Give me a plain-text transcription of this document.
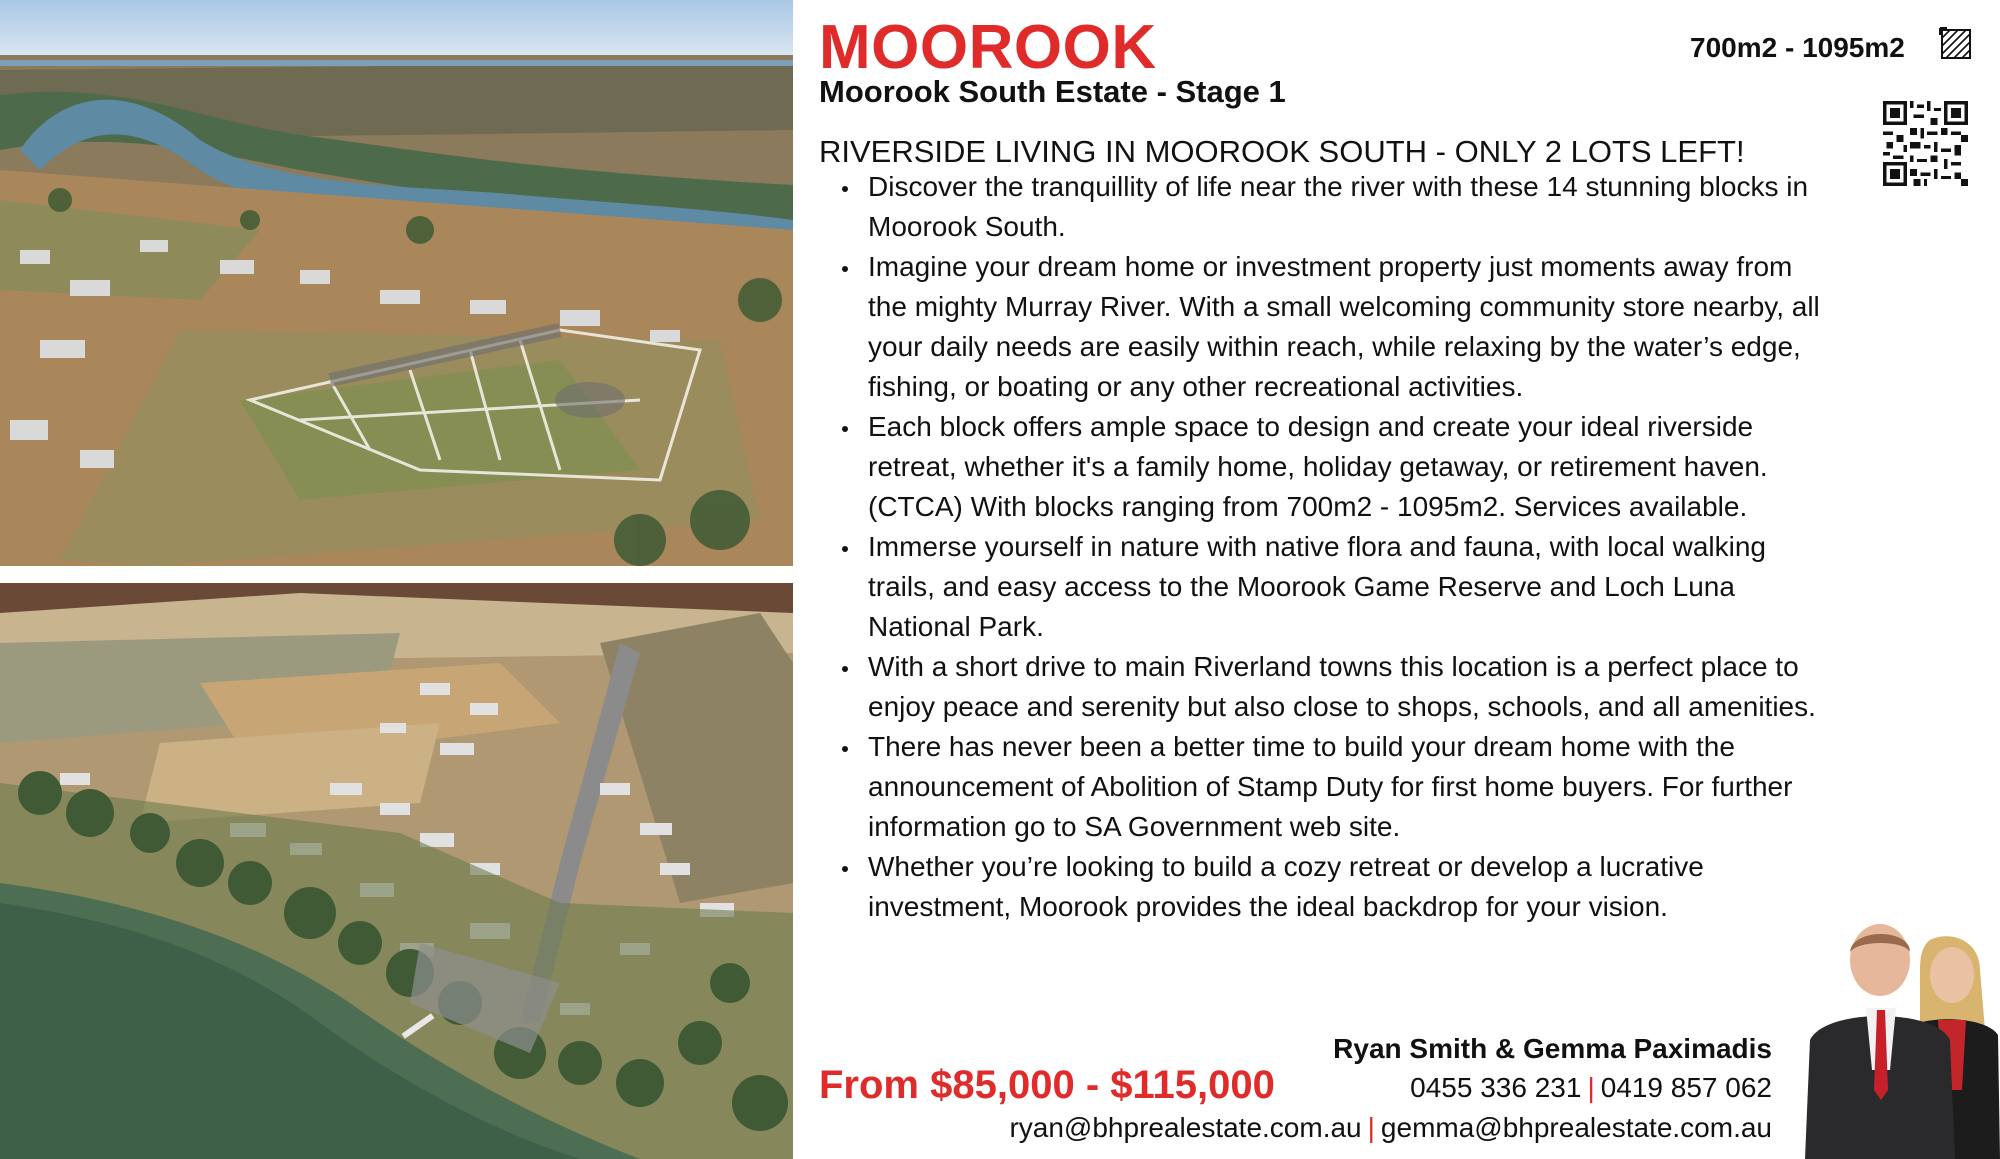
MOOROOK
Moorook South Estate - Stage 1
700m2 - 1095m2
RIVERSIDE LIVING IN MOOROOK SOUTH - ONLY 2 LOTS LEFT!
Discover the tranquillity of life near the river with these 14 stunning blocks in Moorook South.
Imagine your dream home or investment property just moments away from the mighty Murray River. With a small welcoming community store nearby, all your daily needs are easily within reach, while relaxing by the water’s edge, fishing, or boating or any other recreational activities.
Each block offers ample space to design and create your ideal riverside retreat, whether it's a family home, holiday getaway, or retirement haven. (CTCA) With blocks ranging from 700m2 - 1095m2. Services available.
Immerse yourself in nature with native flora and fauna, with local walking trails, and easy access to the Moorook Game Reserve and Loch Luna National Park.
With a short drive to main Riverland towns this location is a perfect place to enjoy peace and serenity but also close to shops, schools, and all amenities.
There has never been a better time to build your dream home with the announcement of Abolition of Stamp Duty for first home buyers. For further information go to SA Government web site.
Whether you’re looking to build a cozy retreat or develop a lucrative investment, Moorook provides the ideal backdrop for your vision.
From $85,000 - $115,000
Ryan Smith & Gemma Paximadis
0455 336 231 | 0419 857 062
ryan@bhprealestate.com.au | gemma@bhprealestate.com.au
